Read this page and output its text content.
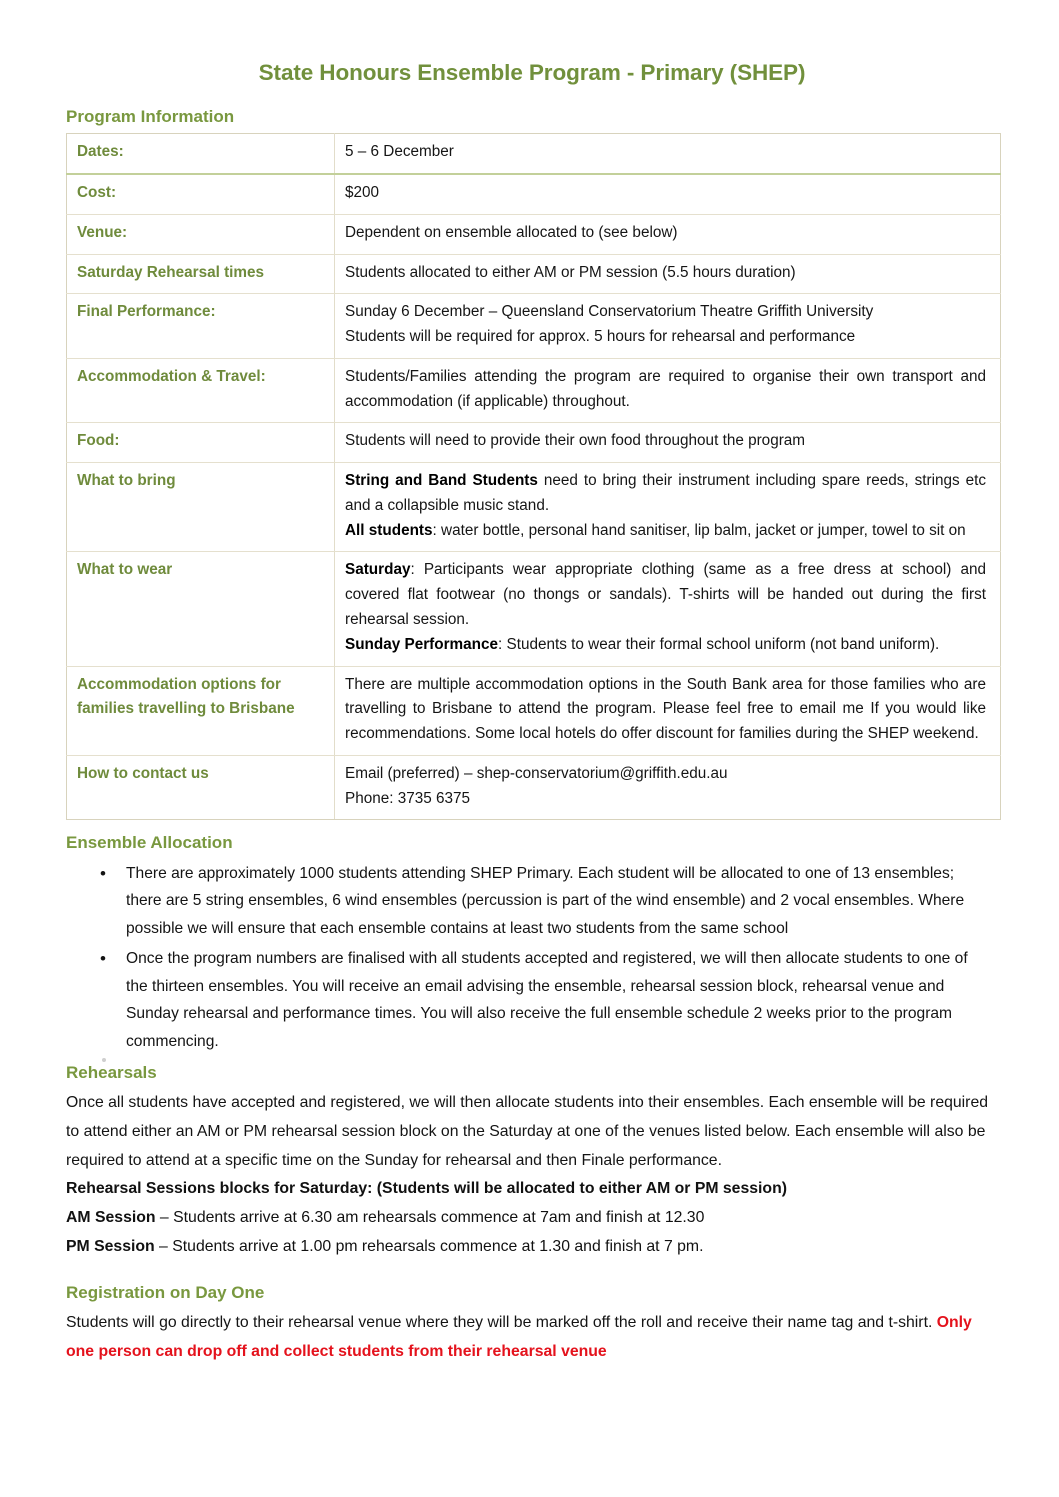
State Honours Ensemble Program - Primary (SHEP)
Program Information
Dates:	5 – 6 December

Cost:	$200

Venue:	Dependent on ensemble allocated to (see below)

Saturday Rehearsal times	Students allocated to either AM or PM session (5.5 hours duration)

Final Performance:	Sunday 6 December – Queensland Conservatorium Theatre Griffith University

Students will be required for approx. 5 hours for rehearsal and performance

Accommodation & Travel:	Students/Families attending the program are required to organise their own transport and accommodation (if applicable) throughout.

Food:	Students will need to provide their own food throughout the program

What to bring	String and Band Students need to bring their instrument including spare reeds, strings etc and a collapsible music stand.

All students: water bottle, personal hand sanitiser, lip balm, jacket or jumper, towel to sit on

What to wear	Saturday: Participants wear appropriate clothing (same as a free dress at school) and covered flat footwear (no thongs or sandals). T-shirts will be handed out during the first rehearsal session.

Sunday Performance: Students to wear their formal school uniform (not band uniform).

Accommodation options for families travelling to Brisbane	There are multiple accommodation options in the South Bank area for those families who are travelling to Brisbane to attend the program. Please feel free to email me If you would like recommendations. Some local hotels do offer discount for families during the SHEP weekend.

How to contact us	Email (preferred) – shep-conservatorium@griffith.edu.au

Phone: 3735 6375

Ensemble Allocation
• There are approximately 1000 students attending SHEP Primary. Each student will be allocated to one of 13 ensembles; there are 5 string ensembles, 6 wind ensembles (percussion is part of the wind ensemble) and 2 vocal ensembles. Where possible we will ensure that each ensemble contains at least two students from the same school
• Once the program numbers are finalised with all students accepted and registered, we will then allocate students to one of the thirteen ensembles. You will receive an email advising the ensemble, rehearsal session block, rehearsal venue and Sunday rehearsal and performance times. You will also receive the full ensemble schedule 2 weeks prior to the program commencing.
Rehearsals

Once all students have accepted and registered, we will then allocate students into their ensembles. Each ensemble will be required to attend either an AM or PM rehearsal session block on the Saturday at one of the venues listed below. Each ensemble will also be required to attend at a specific time on the Sunday for rehearsal and then Finale performance.

Rehearsal Sessions blocks for Saturday: (Students will be allocated to either AM or PM session)

AM Session – Students arrive at 6.30 am rehearsals commence at 7am and finish at 12.30

PM Session – Students arrive at 1.00 pm rehearsals commence at 1.30 and finish at 7 pm.

Registration on Day One

Students will go directly to their rehearsal venue where they will be marked off the roll and receive their name tag and t-shirt. Only one person can drop off and collect students from their rehearsal venue
